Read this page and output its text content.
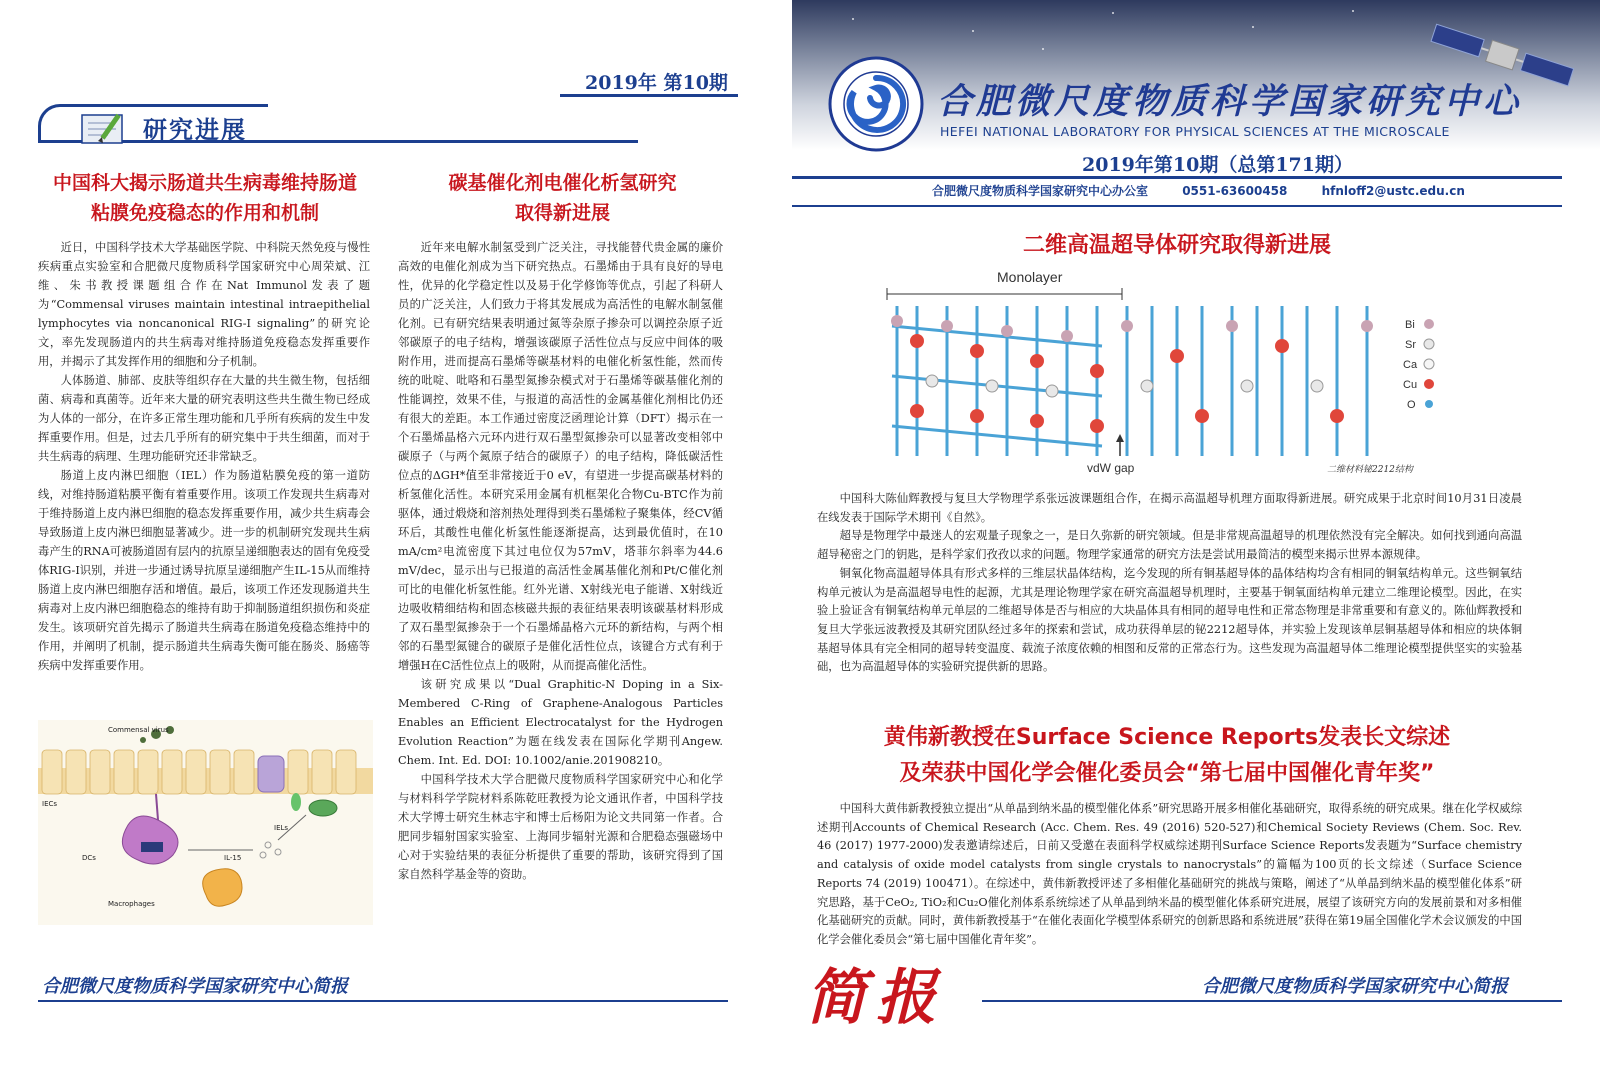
2019年 第10期
研究进展
中国科大揭示肠道共生病毒维持肠道
粘膜免疫稳态的作用和机制

近日，中国科学技术大学基础医学院、中科院天然免疫与慢性疾病重点实验室和合肥微尺度物质科学国家研究中心周荣斌、江维、朱书教授课题组合作在Nat Immunol发表了题为“Commensal viruses maintain intestinal intraepithelial lymphocytes via noncanonical RIG-I signaling”的研究论文，率先发现肠道内的共生病毒对维持肠道免疫稳态发挥重要作用，并揭示了其发挥作用的细胞和分子机制。

人体肠道、肺部、皮肤等组织存在大量的共生微生物，包括细菌、病毒和真菌等。近年来大量的研究表明这些共生微生物已经成为人体的一部分，在许多正常生理功能和几乎所有疾病的发生中发挥重要作用。但是，过去几乎所有的研究集中于共生细菌，而对于共生病毒的病理、生理功能研究还非常缺乏。

肠道上皮内淋巴细胞（IEL）作为肠道粘膜免疫的第一道防线，对维持肠道粘膜平衡有着重要作用。该项工作发现共生病毒对于维持肠道上皮内淋巴细胞的稳态发挥重要作用，减少共生病毒会导致肠道上皮内淋巴细胞显著减少。进一步的机制研究发现共生病毒产生的RNA可被肠道固有层内的抗原呈递细胞表达的固有免疫受体RIG-I识别，并进一步通过诱导抗原呈递细胞产生IL-15从而维持肠道上皮内淋巴细胞存活和增值。最后，该项工作还发现肠道共生病毒对上皮内淋巴细胞稳态的维持有助于抑制肠道组织损伤和炎症发生。该项研究首先揭示了肠道共生病毒在肠道免疫稳态维持中的作用，并阐明了机制，提示肠道共生病毒失衡可能在肠炎、肠癌等疾病中发挥重要作用。

Commensal virus
IECs
IELs
DCs	IL-15
Macrophages
碳基催化剂电催化析氢研究
取得新进展

近年来电解水制氢受到广泛关注，寻找能替代贵金属的廉价高效的电催化剂成为当下研究热点。石墨烯由于具有良好的导电性，优异的化学稳定性以及易于化学修饰等优点，引起了科研人员的广泛关注，人们致力于将其发展成为高活性的电解水制氢催化剂。已有研究结果表明通过氮等杂原子掺杂可以调控杂原子近邻碳原子的电子结构，增强该碳原子活性位点与反应中间体的吸附作用，进而提高石墨烯等碳基材料的电催化析氢性能，然而传统的吡啶、吡咯和石墨型氮掺杂模式对于石墨烯等碳基催化剂的性能调控，效果不佳，与报道的高活性的金属基催化剂相比仍还有很大的差距。本工作通过密度泛函理论计算（DFT）揭示在一个石墨烯晶格六元环内进行双石墨型氮掺杂可以显著改变相邻中碳原子（与两个氮原子结合的碳原子）的电子结构，降低碳活性位点的ΔGH*值至非常接近于0 eV，有望进一步提高碳基材料的析氢催化活性。本研究采用金属有机框架化合物Cu-BTC作为前驱体，通过煅烧和溶剂热处理得到类石墨烯粒子聚集体，经CV循环后，其酸性电催化析氢性能逐渐提高，达到最优值时，在10 mA/cm²电流密度下其过电位仅为57mV，塔菲尔斜率为44.6 mV/dec，显示出与已报道的高活性金属基催化剂和Pt/C催化剂可比的电催化析氢性能。红外光谱、X射线光电子能谱、X射线近边吸收精细结构和固态核磁共振的表征结果表明该碳基材料形成了双石墨型氮掺杂于一个石墨烯晶格六元环的新结构，与两个相邻的石墨型氮键合的碳原子是催化活性位点，该键合方式有利于增强H在C活性位点上的吸附，从而提高催化活性。

该研究成果以“Dual Graphitic-N Doping in a Six-Membered C-Ring of Graphene-Analogous Particles Enables an Efficient Electrocatalyst for the Hydrogen Evolution Reaction”为题在线发表在国际化学期刊Angew. Chem. Int. Ed. DOI: 10.1002/anie.201908210。

中国科学技术大学合肥微尺度物质科学国家研究中心和化学与材料科学学院材料系陈乾旺教授为论文通讯作者，中国科学技术大学博士研究生林志宇和博士后杨阳为论文共同第一作者。合肥同步辐射国家实验室、上海同步辐射光源和合肥稳态强磁场中心对于实验结果的表征分析提供了重要的帮助，该研究得到了国家自然科学基金等的资助。

合肥微尺度物质科学国家研究中心简报
合肥微尺度物质科学国家研究中心
HEFEI NATIONAL LABORATORY FOR PHYSICAL SCIENCES AT THE MICROSCALE
2019年第10期（总第171期）
合肥微尺度物质科学国家研究中心办公室	0551-63600458	hfnloff2@ustc.edu.cn
二维高温超导体研究取得新进展
Monolayer
vdW gap	二维材料铋2212结构
Bi
Sr
Ca
Cu
O

中国科大陈仙辉教授与复旦大学物理学系张远波课题组合作，在揭示高温超导机理方面取得新进展。研究成果于北京时间10月31日凌晨在线发表于国际学术期刊《自然》。

超导是物理学中最迷人的宏观量子现象之一，是日久弥新的研究领域。但是非常规高温超导的机理依然没有完全解决。如何找到通向高温超导秘密之门的钥匙，是科学家们孜孜以求的问题。物理学家通常的研究方法是尝试用最简洁的模型来揭示世界本源规律。

铜氧化物高温超导体具有形式多样的三维层状晶体结构，迄今发现的所有铜基超导体的晶体结构均含有相同的铜氧结构单元。这些铜氧结构单元被认为是高温超导电性的起源，尤其是理论物理学家在研究高温超导机理时，主要基于铜氧面结构单元建立二维理论模型。因此，在实验上验证含有铜氧结构单元单层的二维超导体是否与相应的大块晶体具有相同的超导电性和正常态物理是非常重要和有意义的。陈仙辉教授和复旦大学张远波教授及其研究团队经过多年的探索和尝试，成功获得单层的铋2212超导体，并实验上发现该单层铜基超导体和相应的块体铜基超导体具有完全相同的超导转变温度、载流子浓度依赖的相图和反常的正常态行为。这些发现为高温超导体二维理论模型提供坚实的实验基础，也为高温超导体的实验研究提供新的思路。

黄伟新教授在Surface Science Reports发表长文综述
及荣获中国化学会催化委员会“第七届中国催化青年奖”

中国科大黄伟新教授独立提出“从单晶到纳米晶的模型催化体系”研究思路开展多相催化基础研究，取得系统的研究成果。继在化学权威综述期刊Accounts of Chemical Research (Acc. Chem. Res. 49 (2016) 520-527)和Chemical Society Reviews (Chem. Soc. Rev. 46 (2017) 1977-2000)发表邀请综述后，日前又受邀在表面科学权威综述期刊Surface Science Reports发表题为“Surface chemistry and catalysis of oxide model catalysts from single crystals to nanocrystals”的篇幅为100页的长文综述（Surface Science Reports 74 (2019) 100471）。在综述中，黄伟新教授评述了多相催化基础研究的挑战与策略，阐述了“从单晶到纳米晶的模型催化体系”研究思路，基于CeO₂, TiO₂和Cu₂O催化剂体系系统综述了从单晶到纳米晶的模型催化体系研究进展，展望了该研究方向的发展前景和对多相催化基础研究的贡献。同时，黄伟新教授基于“在催化表面化学模型体系研究的创新思路和系统进展”获得在第19届全国催化学术会议颁发的中国化学会催化委员会“第七届中国催化青年奖”。

简报	合肥微尺度物质科学国家研究中心简报
